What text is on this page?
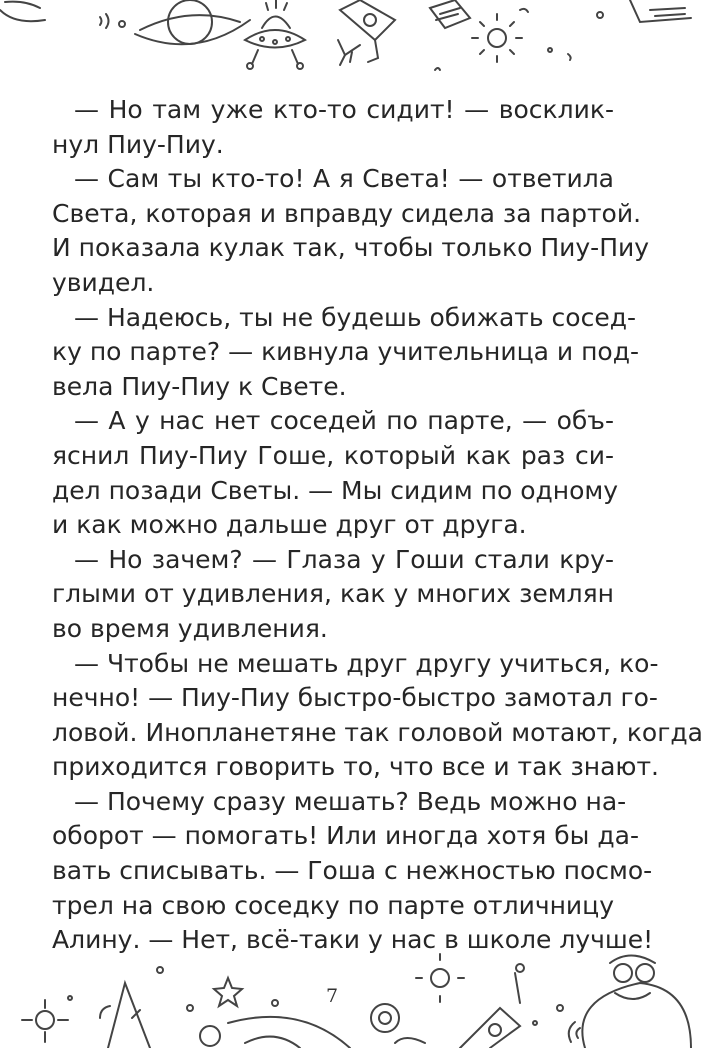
— Но там уже кто-то сидит! — восклик-
нул Пиу-Пиу.
— Сам ты кто-то! А я Света! — ответила
Света, которая и вправду сидела за партой.
И показала кулак так, чтобы только Пиу-Пиу
увидел.
— Надеюсь, ты не будешь обижать сосед-
ку по парте? — кивнула учительница и под-
вела Пиу-Пиу к Свете.
— А у нас нет соседей по парте, — объ-
яснил Пиу-Пиу Гоше, который как раз си-
дел позади Светы. — Мы сидим по одному
и как можно дальше друг от друга.
— Но зачем? — Глаза у Гоши стали кру-
глыми от удивления, как у многих землян
во время удивления.
— Чтобы не мешать друг другу учиться, ко-
нечно! — Пиу-Пиу быстро-быстро замотал го-
ловой. Инопланетяне так головой мотают, когда
приходится говорить то, что все и так знают.
— Почему сразу мешать? Ведь можно на-
оборот — помогать! Или иногда хотя бы да-
вать списывать. — Гоша с нежностью посмо-
трел на свою соседку по парте отличницу
Алину. — Нет, всё-таки у нас в школе лучше!
7
